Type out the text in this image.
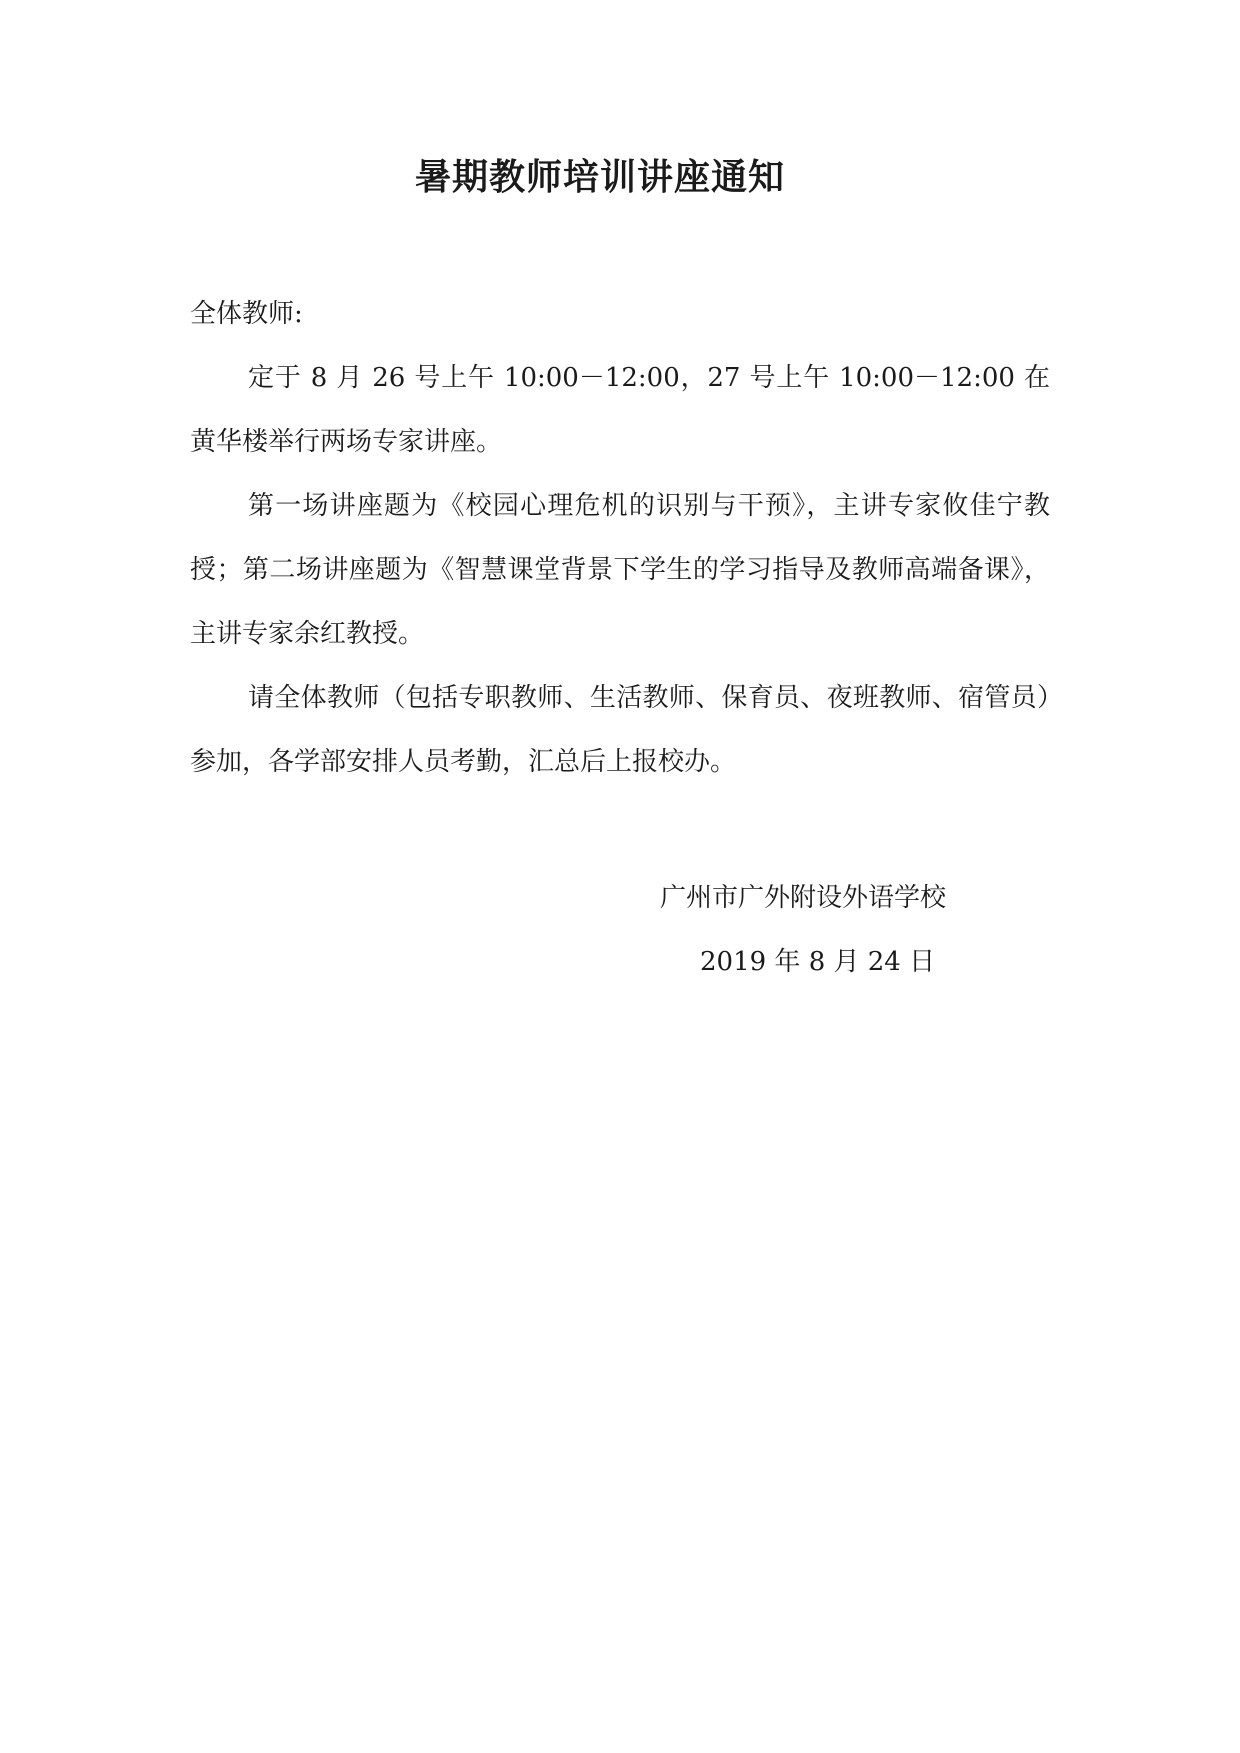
暑期教师培训讲座通知
全体教师:
定于 8 月 26 号上午 10:00－12:00，27 号上午 10:00－12:00 在黄华楼举行两场专家讲座。
第一场讲座题为《校园心理危机的识别与干预》，主讲专家攸佳宁教授；第二场讲座题为《智慧课堂背景下学生的学习指导及教师高端备课》，主讲专家余红教授。
请全体教师（包括专职教师、生活教师、保育员、夜班教师、宿管员）参加，各学部安排人员考勤，汇总后上报校办。
广州市广外附设外语学校
2019 年 8 月 24 日
